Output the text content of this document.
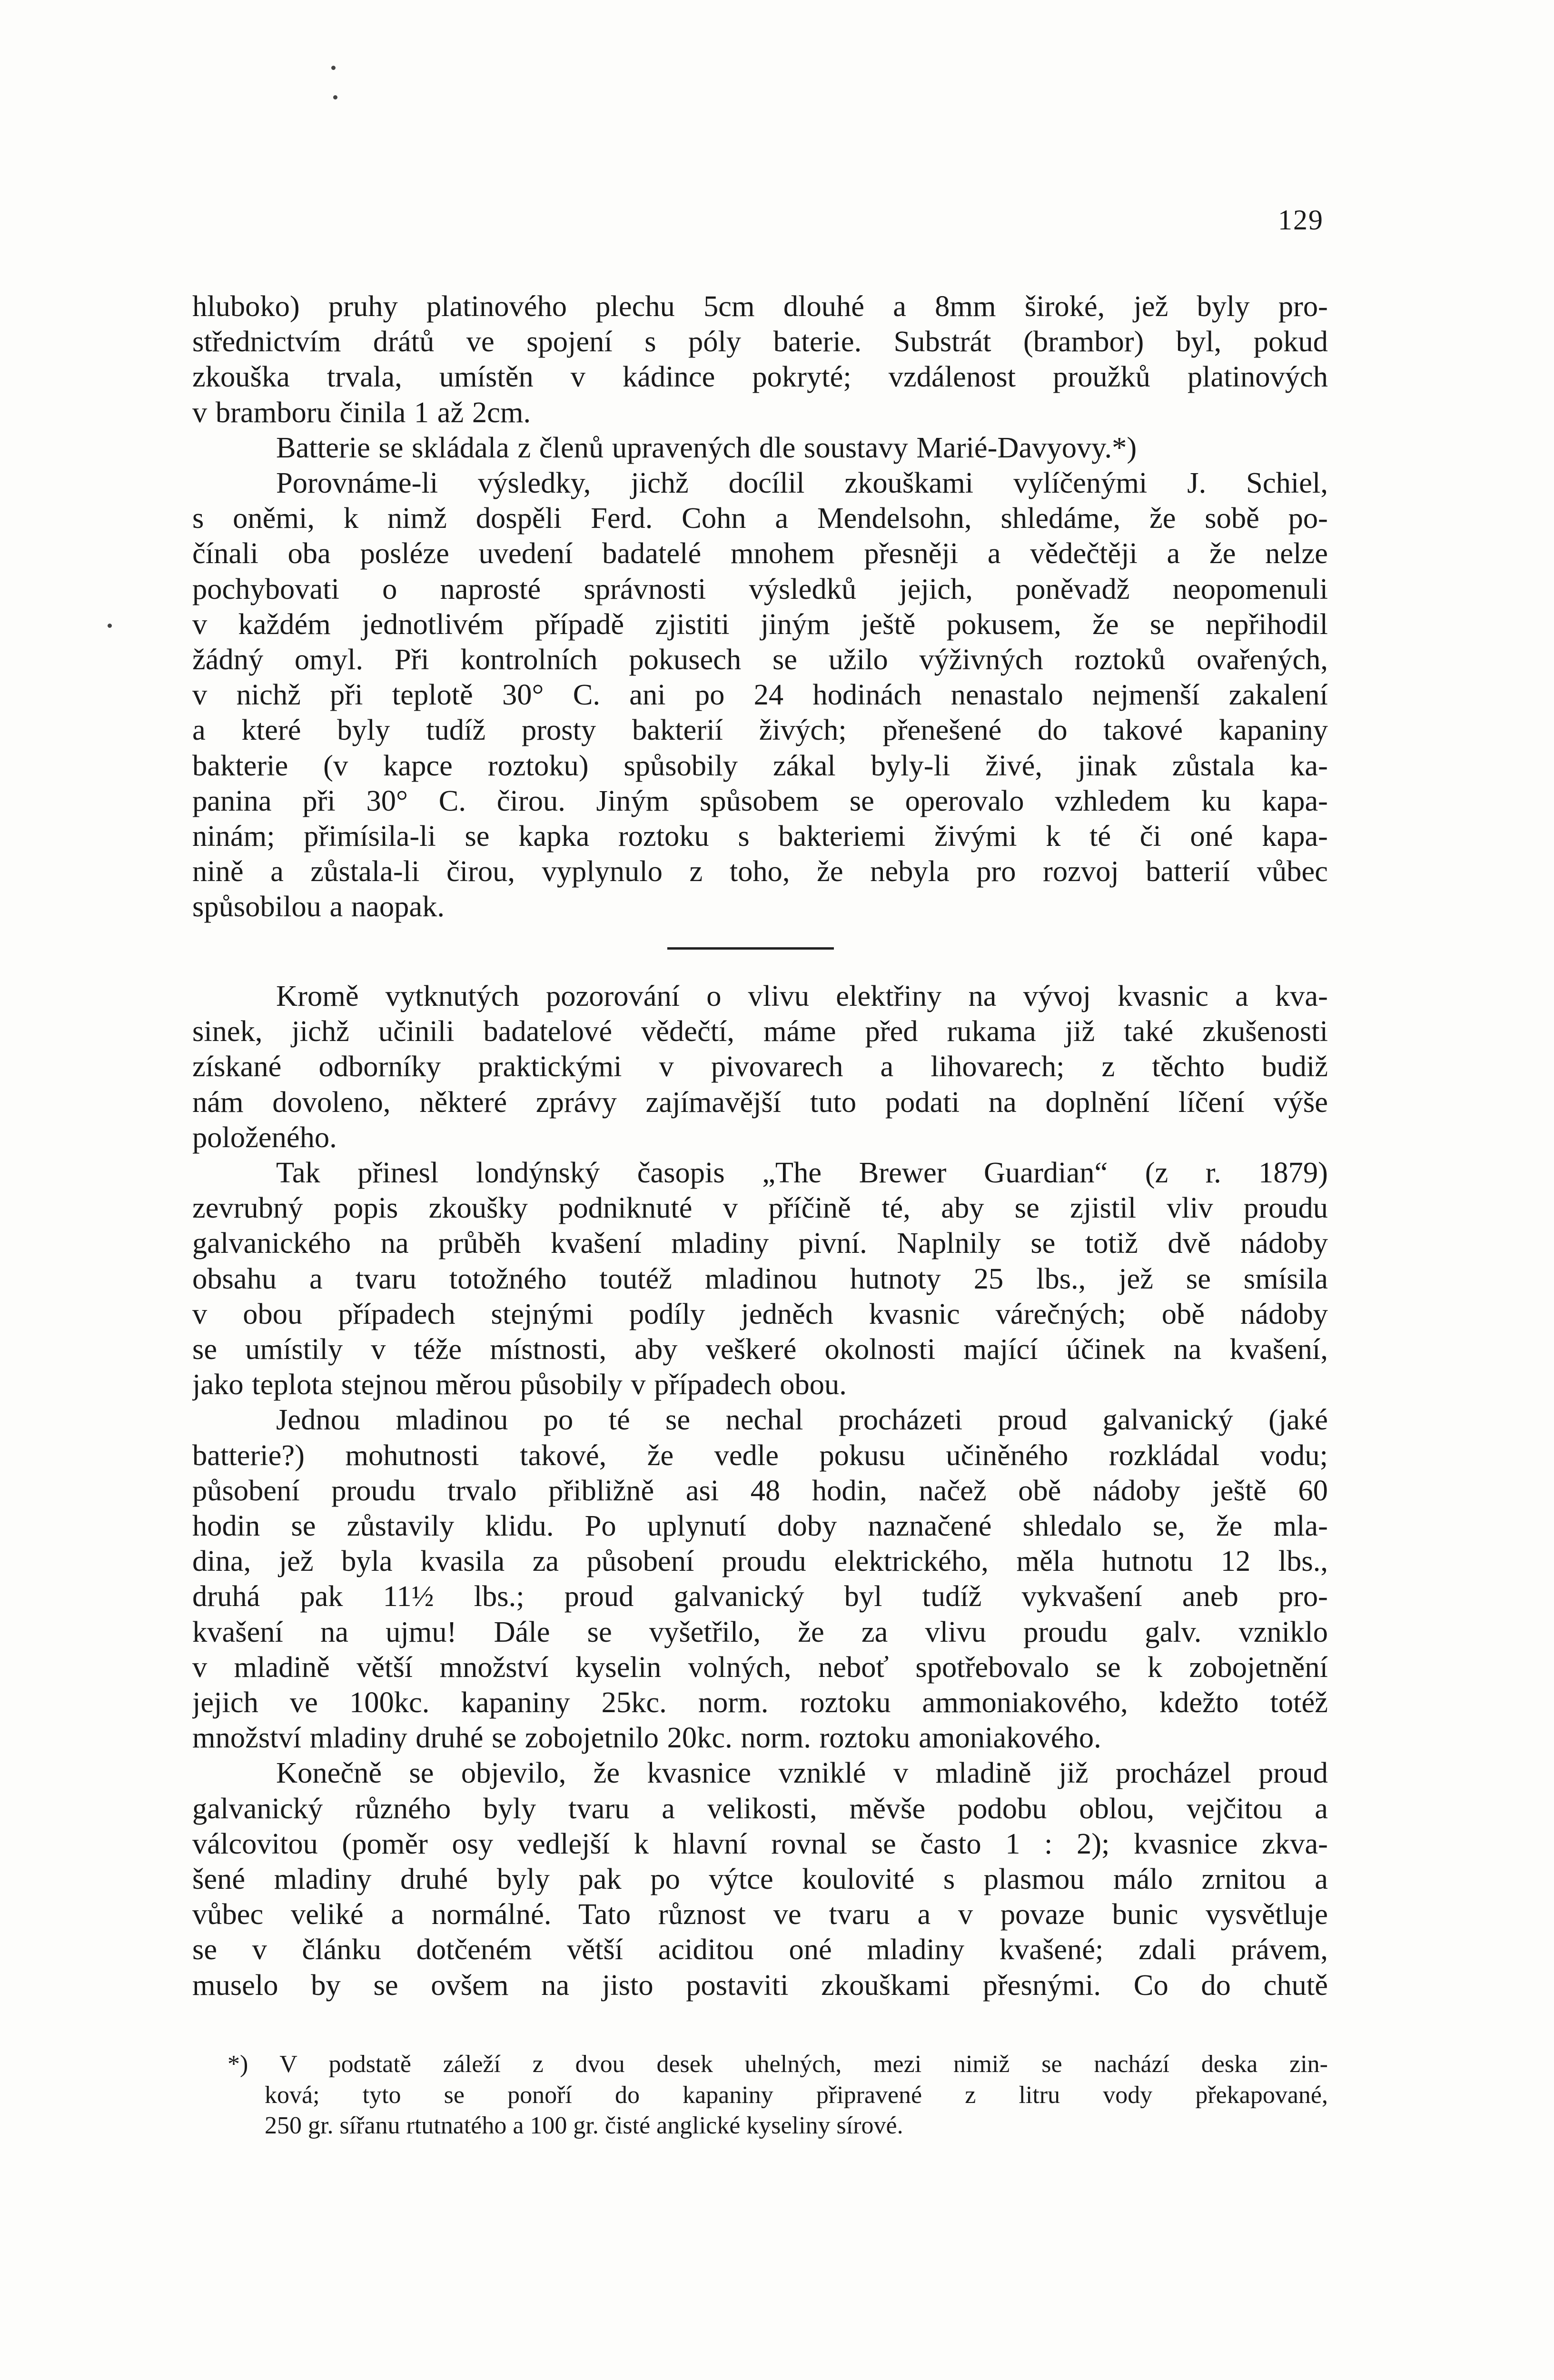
129
hluboko) pruhy platinového plechu 5cm dlouhé a 8mm široké, jež byly pro-
střednictvím drátů ve spojení s póly baterie. Substrát (brambor) byl, pokud
zkouška trvala, umístěn v kádince pokryté; vzdálenost proužků platinových
v bramboru činila 1 až 2cm.
Batterie se skládala z členů upravených dle soustavy Marié-Davyovy.*)
Porovnáme-li výsledky, jichž docílil zkouškami vylíčenými J. Schiel,
s oněmi, k nimž dospěli Ferd. Cohn a Mendelsohn, shledáme, že sobě po-
čínali oba posléze uvedení badatelé mnohem přesněji a vědečtěji a že nelze
pochybovati o naprosté správnosti výsledků jejich, poněvadž neopomenuli
v každém jednotlivém případě zjistiti jiným ještě pokusem, že se nepřihodil
žádný omyl. Při kontrolních pokusech se užilo výživných roztoků ovařených,
v nichž při teplotě 30° C. ani po 24 hodinách nenastalo nejmenší zakalení
a které byly tudíž prosty bakterií živých; přenešené do takové kapaniny
bakterie (v kapce roztoku) spůsobily zákal byly-li živé, jinak zůstala ka-
panina při 30° C. čirou. Jiným spůsobem se operovalo vzhledem ku kapa-
ninám; přimísila-li se kapka roztoku s bakteriemi živými k té či oné kapa-
nině a zůstala-li čirou, vyplynulo z toho, že nebyla pro rozvoj batterií vůbec
spůsobilou a naopak.
Kromě vytknutých pozorování o vlivu elektřiny na vývoj kvasnic a kva-
sinek, jichž učinili badatelové vědečtí, máme před rukama již také zkušenosti
získané odborníky praktickými v pivovarech a lihovarech; z těchto budiž
nám dovoleno, některé zprávy zajímavější tuto podati na doplnění líčení výše
položeného.
Tak přinesl londýnský časopis „The Brewer Guardian“ (z r. 1879)
zevrubný popis zkoušky podniknuté v příčině té, aby se zjistil vliv proudu
galvanického na průběh kvašení mladiny pivní. Naplnily se totiž dvě nádoby
obsahu a tvaru totožného toutéž mladinou hutnoty 25 lbs., jež se smísila
v obou případech stejnými podíly jedněch kvasnic várečných; obě nádoby
se umístily v téže místnosti, aby veškeré okolnosti mající účinek na kvašení,
jako teplota stejnou měrou působily v případech obou.
Jednou mladinou po té se nechal procházeti proud galvanický (jaké
batterie?) mohutnosti takové, že vedle pokusu učiněného rozkládal vodu;
působení proudu trvalo přibližně asi 48 hodin, načež obě nádoby ještě 60
hodin se zůstavily klidu. Po uplynutí doby naznačené shledalo se, že mla-
dina, jež byla kvasila za působení proudu elektrického, měla hutnotu 12 lbs.,
druhá pak 11½ lbs.; proud galvanický byl tudíž vykvašení aneb pro-
kvašení na ujmu! Dále se vyšetřilo, že za vlivu proudu galv. vzniklo
v mladině větší množství kyselin volných, neboť spotřebovalo se k zobojetnění
jejich ve 100kc. kapaniny 25kc. norm. roztoku ammoniakového, kdežto totéž
množství mladiny druhé se zobojetnilo 20kc. norm. roztoku amoniakového.
Konečně se objevilo, že kvasnice vzniklé v mladině již procházel proud
galvanický různého byly tvaru a velikosti, měvše podobu oblou, vejčitou a
válcovitou (poměr osy vedlejší k hlavní rovnal se často 1 : 2); kvasnice zkva-
šené mladiny druhé byly pak po výtce koulovité s plasmou málo zrnitou a
vůbec veliké a normálné. Tato různost ve tvaru a v povaze bunic vysvětluje
se v článku dotčeném větší aciditou oné mladiny kvašené; zdali právem,
muselo by se ovšem na jisto postaviti zkouškami přesnými. Co do chutě
*) V podstatě záleží z dvou desek uhelných, mezi nimiž se nachází deska zin-
ková; tyto se ponoří do kapaniny připravené z litru vody překapované,
250 gr. sířanu rtutnatého a 100 gr. čisté anglické kyseliny sírové.
